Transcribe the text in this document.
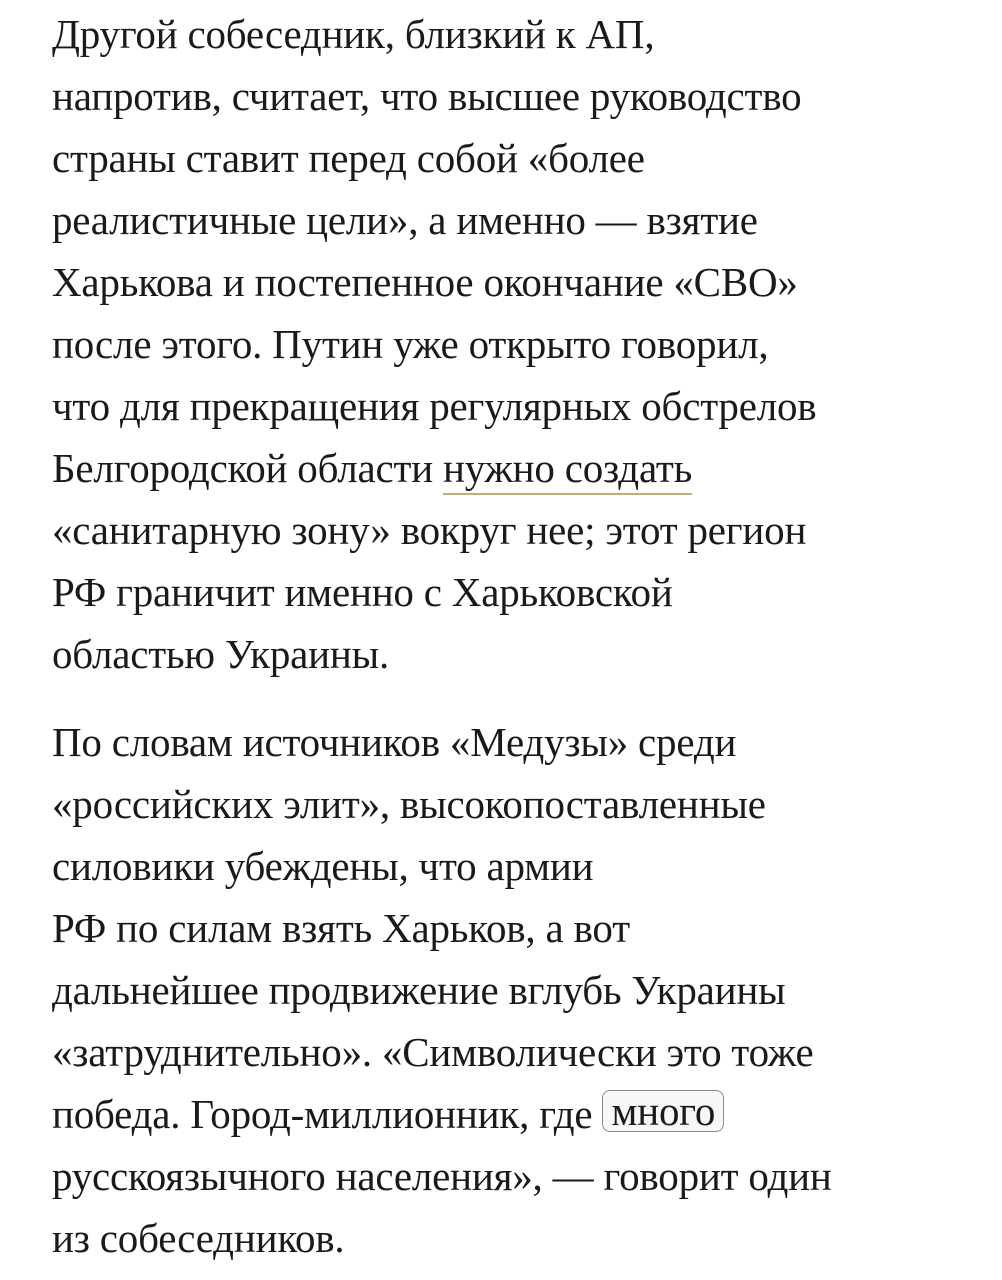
Другой собеседник, близкий к АП,
напротив, считает, что высшее руководство
страны ставит перед собой «более
реалистичные цели», а именно — взятие
Харькова и постепенное окончание «СВО»
после этого. Путин уже открыто говорил,
что для прекращения регулярных обстрелов
Белгородской области нужно создать
«санитарную зону» вокруг нее; этот регион
РФ граничит именно с Харьковской
областью Украины.

По словам источников «Медузы» среди
«российских элит», высокопоставленные
силовики убеждены, что армии
РФ по силам взять Харьков, а вот
дальнейшее продвижение вглубь Украины
«затруднительно». «Символически это тоже
победа. Город-миллионник, где много
русскоязычного населения», — говорит один
из собеседников.
